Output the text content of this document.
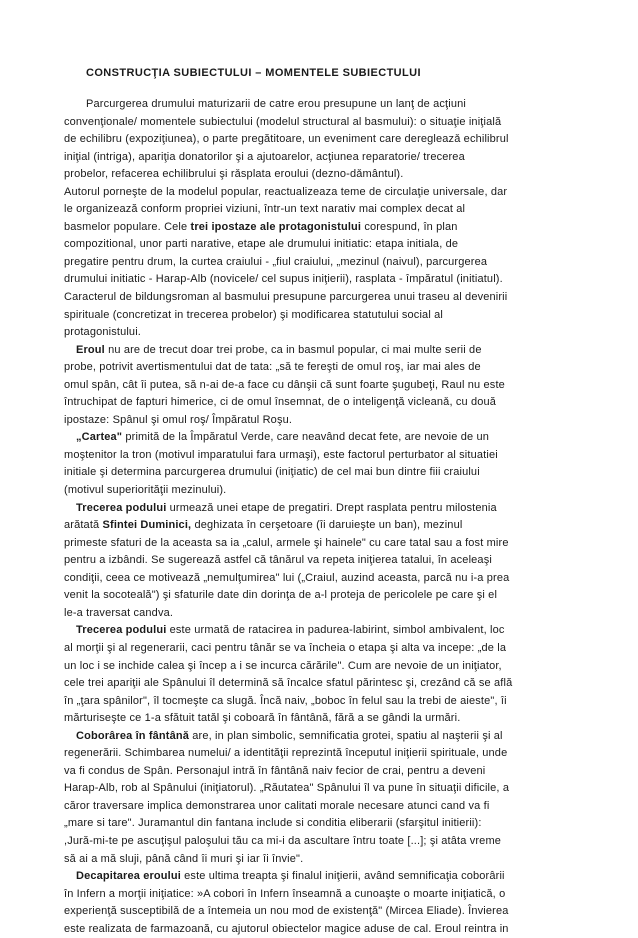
CONSTRUCŢIA SUBIECTULUI – MOMENTELE SUBIECTULUI
Parcurgerea drumului maturizarii de catre erou presupune un lanţ de acţiuni
convenţionale/ momentele subiectului (modelul structural al basmului): o situaţie iniţială
de echilibru (expoziţiunea), o parte pregătitoare, un eveniment care deregleazǎ echilibrul
iniţial (intriga), apariţia donatorilor şi a ajutoarelor, acţiunea reparatorie/ trecerea
probelor, refacerea echilibrului şi rǎsplata eroului (dezno-dǎmântul).
Autorul porneşte de la modelul popular, reactualizeaza teme de circulaţie universale, dar
le organizează conform propriei viziuni, într-un text narativ mai complex decat al
basmelor populare. Cele trei ipostaze ale protagonistului corespund, în plan
compozitional, unor parti narative, etape ale drumului initiatic: etapa initiala, de
pregatire pentru drum, la curtea craiului - „fiul craiului, „mezinul (naivul), parcurgerea
drumului initiatic - Harap-Alb (novicele/ cel supus iniţierii), rasplata - împăratul (initiatul).
Caracterul de bildungsroman al basmului presupune parcurgerea unui traseu al devenirii
spirituale (concretizat in trecerea probelor) şi modificarea statutului social al
protagonistului.
Eroul nu are de trecut doar trei probe, ca in basmul popular, ci mai multe serii de
probe, potrivit avertismentului dat de tata: „să te fereşti de omul roş, iar mai ales de
omul spân, cât îi putea, să n-ai de-a face cu dânşii că sunt foarte şugubeţi, Raul nu este
întruchipat de fapturi himerice, ci de omul însemnat, de o inteligenţă vicleanǎ, cu două
ipostaze: Spânul şi omul roş/ Împăratul Roşu.
„Cartea" primită de la Împăratul Verde, care neavând decat fete, are nevoie de un
moştenitor la tron (motivul imparatului fara urmaşi), este factorul perturbator al situatiei
initiale şi determina parcurgerea drumului (iniţiatic) de cel mai bun dintre fiii craiului
(motivul superiorităţii mezinului).
Trecerea podului urmează unei etape de pregatiri. Drept rasplata pentru milostenia
arătată Sfintei Duminici, deghizata în cerşetoare (îi daruieşte un ban), mezinul
primeste sfaturi de la aceasta sa ia „calul, armele şi hainele" cu care tatal sau a fost mire
pentru a izbândi. Se sugerează astfel că tânărul va repeta iniţierea tatalui, în aceleaşi
condiţii, ceea ce motivează „nemulţumirea" lui („Craiul, auzind aceasta, parcă nu i-a prea
venit la socoteală") şi sfaturile date din dorinţa de a-l proteja de pericolele pe care şi el
le-a traversat candva.
Trecerea podului este urmată de ratacirea in padurea-labirint, simbol ambivalent, loc
al morţii şi al regenerarii, caci pentru tânăr se va încheia o etapa şi alta va incepe: „de la
un loc i se inchide calea şi încep a i se incurca cărările". Cum are nevoie de un iniţiator,
cele trei apariţii ale Spânului îl determină să încalce sfatul părintesc şi, crezând că se află
în „ţara spânilor", îl tocmeşte ca slugă. Încă naiv, „boboc în felul sau la trebi de aieste", îi
mărturiseşte ce 1-a sfătuit tatăl şi coboară în fântână, fără a se gândi la urmări.
Coborârea în fântână are, in plan simbolic, semnificatia grotei, spatiu al naşterii şi al
regenerării. Schimbarea numelui/ a identităţii reprezintă începutul iniţierii spirituale, unde
va fi condus de Spân. Personajul intră în fântână naiv fecior de crai, pentru a deveni
Harap-Alb, rob al Spânului (iniţiatorul). „Răutatea" Spânului îl va pune în situaţii dificile, a
căror traversare implica demonstrarea unor calitati morale necesare atunci cand va fi
„mare si tare". Juramantul din fantana include si conditia eliberarii (sfarşitul initierii):
,Jură-mi-te pe ascuţişul paloşului tău ca mi-i da ascultare întru toate [...]; şi atâta vreme
să ai a mă sluji, până când îi muri şi iar îi învie".
Decapitarea eroului este ultima treapta şi finalul iniţierii, având semnificaţia coborârii
în Infern a morţii iniţiatice: »A cobori în Infern înseamnă a cunoaşte o moarte iniţiatică, o
experienţă susceptibilă de a întemeia un nou mod de existenţă" (Mircea Eliade). Învierea
este realizata de farmazoană, cu ajutorul obiectelor magice aduse de cal. Eroul reintra in
